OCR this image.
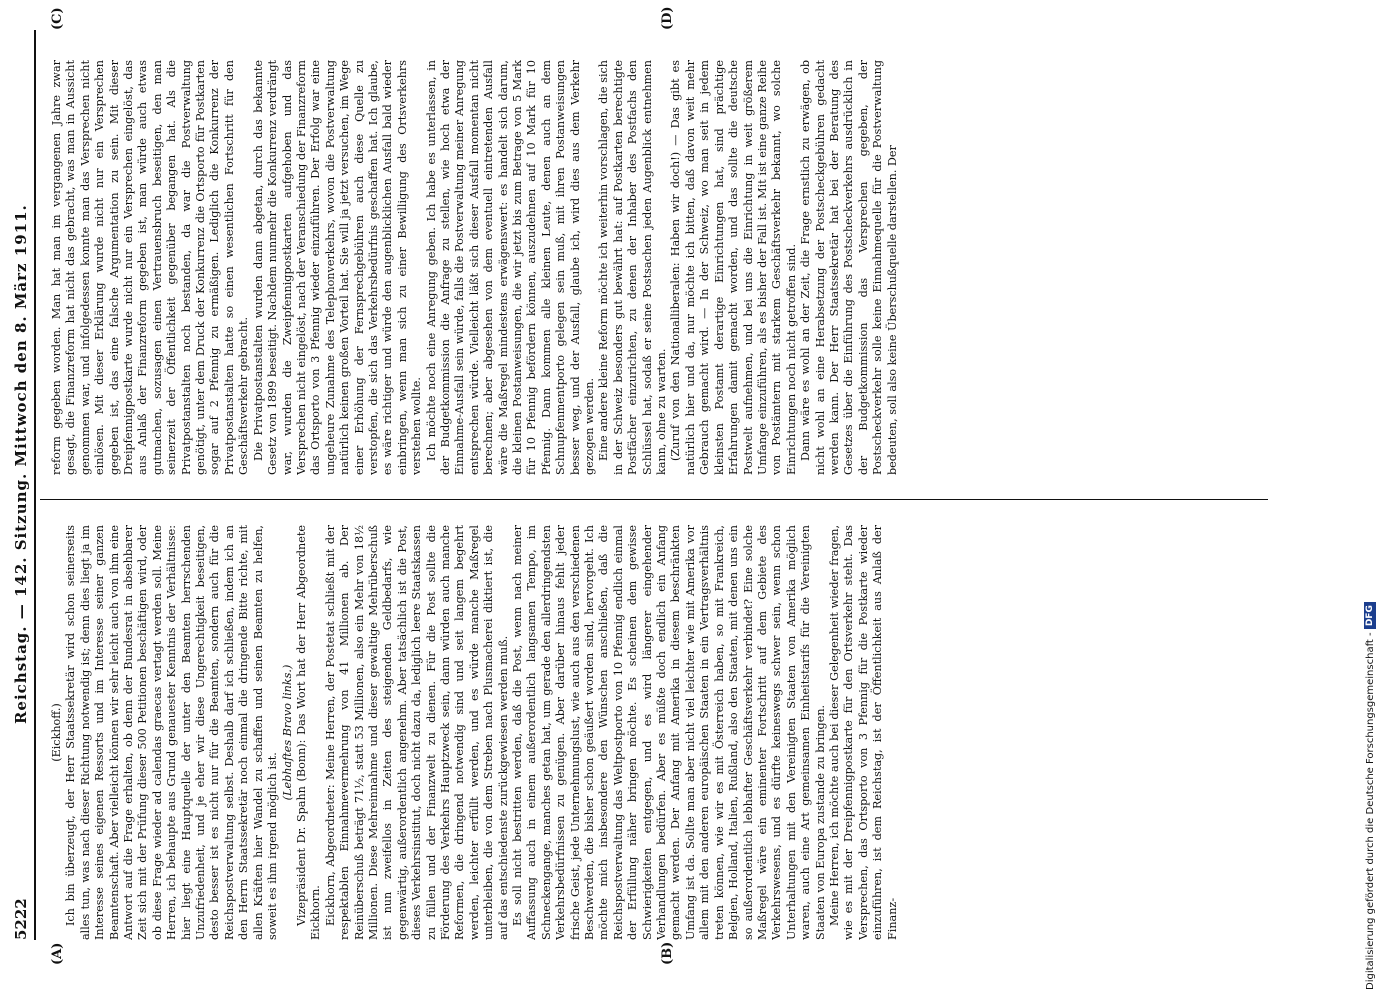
5222
Reichstag. — 142. Sitzung. Mittwoch den 8. März 1911.
(A)	(B)
(C)	(D)

(Eickhoff.) Ich bin überzeugt, der Herr Staatssekretär wird schon seinerseits alles tun, was nach dieser Richtung notwendig ist; denn dies liegt ja im Interesse seines eigenen Ressorts und im Interesse seiner ganzen Beamtenschaft. Aber vielleicht können wir sehr leicht auch von ihm eine Antwort auf die Frage erhalten, ob denn der Bundesrat in absehbarer Zeit sich mit der Prüfung dieser 500 Petitionen beschäftigen wird, oder ob diese Frage wieder ad calendas graecas vertagt werden soll. Meine Herren, ich behaupte aus Grund genauester Kenntnis der Verhältnisse: hier liegt eine Hauptquelle der unter den Beamten herrschenden Unzufriedenheit, und je eher wir diese Ungerechtigkeit beseitigen, desto besser ist es nicht nur für die Beamten, sondern auch für die Reichspostverwaltung selbst. Deshalb darf ich schließen, indem ich an den Herrn Staatssekretär noch einmal die dringende Bitte richte, mit allen Kräften hier Wandel zu schaffen und seinen Beamten zu helfen, soweit es ihm irgend möglich ist.

(Lebhaftes Bravo links.) Vizepräsident Dr. Spahn (Bonn): Das Wort hat der Herr Abgeordnete Eickhorn. Eickhorn, Abgeordneter: Meine Herren, der Postetat schließt mit der respektablen Einnahmevermehrung von 41 Millionen ab. Der Reinüberschuß beträgt 71½, statt 53 Millionen, also ein Mehr von 18½ Millionen. Diese Mehreinnahme und dieser gewaltige Mehrüberschuß ist nun zweifellos in Zeiten des steigenden Geldbedarfs, wie gegenwärtig, außerordentlich angenehm. Aber tatsächlich ist die Post, dieses Verkehrsinstitut, doch nicht dazu da, lediglich leere Staatskassen zu füllen und der Finanzwelt zu dienen. Für die Post sollte die Förderung des Verkehrs Hauptzweck sein, dann würden auch manche Reformen, die dringend notwendig sind und seit langem begehrt werden, leichter erfüllt werden, und es würde manche Maßregel unterbleiben, die von dem Streben nach Plusmacherei diktiert ist, die auf das entschiedenste zurückgewiesen werden muß. Es soll nicht bestritten werden, daß die Post, wenn nach meiner Auffassung auch in einem außerordentlich langsamen Tempo, im Schneckengange, manches getan hat, um gerade den allerdringendsten Verkehrsbedürfnissen zu genügen. Aber darüber hinaus fehlt jeder frische Geist, jede Unternehmungslust, wie auch aus den verschiedenen Beschwerden, die bisher schon geäußert worden sind, hervorgeht. Ich möchte mich insbesondere den Wünschen anschließen, daß die Reichspostverwaltung das Weltpostporto von 10 Pfennig endlich einmal der Erfüllung näher bringen möchte. Es scheinen dem gewisse Schwierigkeiten entgegen, und es wird längerer eingehender Verhandlungen bedürfen. Aber es müßte doch endlich ein Anfang gemacht werden. Der Anfang mit Amerika in diesem beschränkten Umfang ist da. Sollte man aber nicht viel leichter wie mit Amerika vor allem mit den anderen europäischen Staaten in ein Vertragsverhältnis treten können, wie wir es mit Österreich haben, so mit Frankreich, Belgien, Holland, Italien, Rußland, also den Staaten, mit denen uns ein so außerordentlich lebhafter Geschäftsverkehr verbindet? Eine solche Maßregel wäre ein eminenter Fortschritt auf dem Gebiete des Verkehrswesens, und es dürfte keineswegs schwer sein, wenn schon Unterhaltungen mit den Vereinigten Staaten von Amerika möglich waren, auch eine Art gemeinsamen Einheitstarifs für die Vereinigten Staaten von Europa zustande zu bringen. Meine Herren, ich möchte auch bei dieser Gelegenheit wieder fragen, wie es mit der Dreipfennigpostkarte für den Ortsverkehr steht. Das Versprechen, das Ortsporto von 3 Pfennig für die Postkarte wieder einzuführen, ist dem Reichstag, ist der Öffentlichkeit aus Anlaß der Finanz-

reform gegeben worden. Man hat man im vergangenen Jahre zwar gesagt, die Finanzreform hat nicht das gebracht, was man in Aussicht genommen war, und infolgedessen konnte man das Versprechen nicht einlösen. Mit dieser Erklärung wurde nicht nur ein Versprechen gegeben ist, das eine falsche Argumentation zu sein. Mit dieser Dreipfennigpostkarte wurde nicht nur ein Versprechen eingelöst, das aus Anlaß der Finanzreform gegeben ist, man würde auch etwas gutmachen, sozusagen einen Vertrauensbruch beseitigen, den man seinerzeit der Öffentlichkeit gegenüber begangen hat. Als die Privatpostanstalten noch bestanden, da war die Postverwaltung genötigt, unter dem Druck der Konkurrenz die Ortsporto für Postkarten sogar auf 2 Pfennig zu ermäßigen. Lediglich die Konkurrenz der Privatpostanstalten hatte so einen wesentlichen Fortschritt für den Geschäftsverkehr gebracht. Die Privatpostanstalten wurden dann abgetan, durch das bekannte Gesetz von 1899 beseitigt. Nachdem nunmehr die Konkurrenz verdrängt war, wurden die Zweipfennigpostkarten aufgehoben und das Versprechen nicht eingelöst, nach der Veranschiedung der Finanzreform das Ortsporto von 3 Pfennig wieder einzuführen. Der Erfolg war eine ungeheure Zunahme des Telephonverkehrs, wovon die Postverwaltung natürlich keinen großen Vorteil hat. Sie will ja jetzt versuchen, im Wege einer Erhöhung der Fernsprechgebühren auch diese Quelle zu verstopfen, die sich das Verkehrsbedürfnis geschaffen hat. Ich glaube, es wäre richtiger und würde den augenblicklichen Ausfall bald wieder einbringen, wenn man sich zu einer Bewilligung des Ortsverkehrs verstehen wollte. Ich möchte noch eine Anregung geben. Ich habe es unterlassen, in der Budgetkommission die Anfrage zu stellen, wie hoch etwa der Einnahme-Ausfall sein würde, falls die Postverwaltung meiner Anregung entsprechen würde. Vielleicht läßt sich dieser Ausfall momentan nicht berechnen; aber abgesehen von dem eventuell eintretenden Ausfall wäre die Maßregel mindestens erwägenswert: es handelt sich darum, die kleinen Postanweisungen, die wir jetzt bis zum Betrage von 5 Mark für 10 Pfennig befördern können, auszudehnen auf 10 Mark für 10 Pfennig. Dann kommen alle kleinen Leute, denen auch an dem Schnupfenmentporto gelegen sein muß, mit ihren Postanweisungen besser weg, und der Ausfall, glaube ich, wird dies aus dem Verkehr gezogen werden. Eine andere kleine Reform möchte ich weiterhin vorschlagen, die sich in der Schweiz besonders gut bewährt hat: auf Postkarten berechtigte Postfächer einzurichten, zu denen der Inhaber des Postfachs den Schlüssel hat, sodaß er seine Postsachen jeden Augenblick entnehmen kann, ohne zu warten. (Zuruf von den Nationalliberalen: Haben wir doch!) — Das gibt es natürlich hier und da, nur möchte ich bitten, daß davon weit mehr Gebrauch gemacht wird. — In der Schweiz, wo man seit in jedem kleinsten Postamt derartige Einrichtungen hat, sind prächtige Erfahrungen damit gemacht worden, und das sollte die deutsche Postwelt aufnehmen, und bei uns die Einrichtung in weit größerem Umfange einzuführen, als es bisher der Fall ist. Mit ist eine ganze Reihe von Postämtern mit starkem Geschäftsverkehr bekannt, wo solche Einrichtungen noch nicht getroffen sind. Dann wäre es wohl an der Zeit, die Frage ernstlich zu erwägen, ob nicht wohl an eine Herabsetzung der Postscheckgebühren gedacht werden kann. Der Herr Staatssekretär hat bei der Beratung des Gesetzes über die Einführung des Postscheckverkehrs ausdrücklich in der Budgetkommission das Versprechen gegeben, der Postscheckverkehr solle keine Einnahmequelle für die Postverwaltung bedeuten, soll also keine Überschußquelle darstellen. Der

Digitalisierung gefördert durch die Deutsche Forschungsgemeinschaft - DFG
